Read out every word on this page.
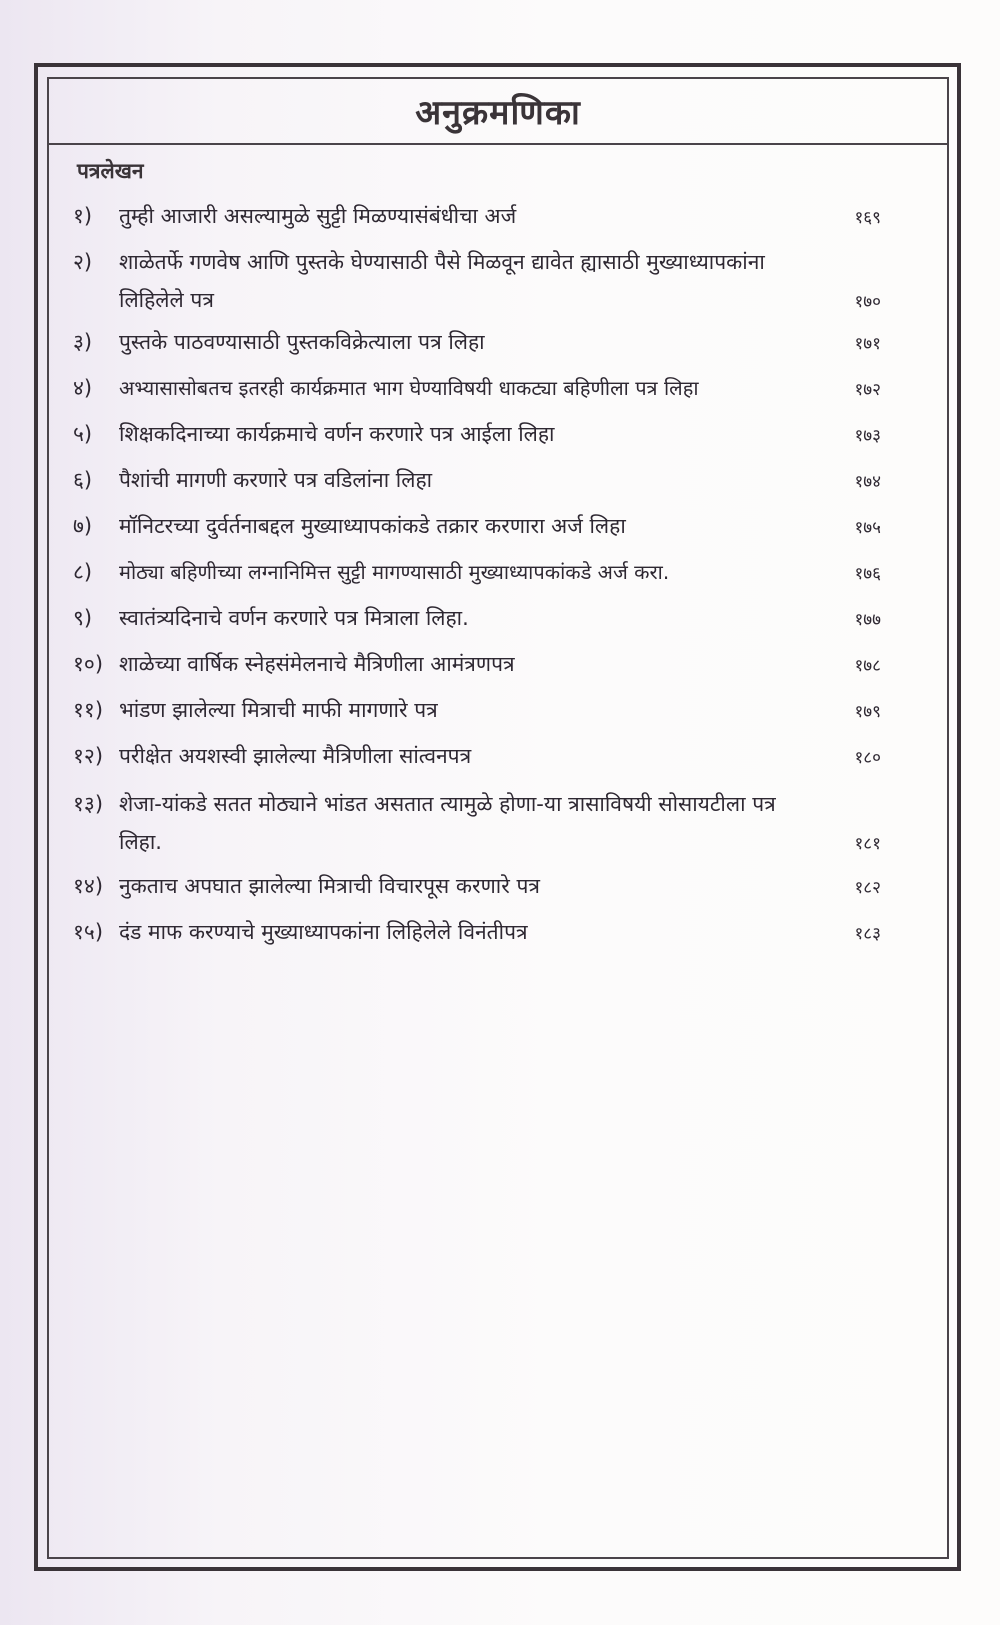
अनुक्रमणिका
पत्रलेखन
१)	तुम्ही आजारी असल्यामुळे सुट्टी मिळण्यासंबंधीचा अर्ज	१६९
२)	शाळेतर्फे गणवेष आणि पुस्तके घेण्यासाठी पैसे मिळवून द्यावेत ह्यासाठी मुख्याध्यापकांना लिहिलेले पत्र	१७०
३)	पुस्तके पाठवण्यासाठी पुस्तकविक्रेत्याला पत्र लिहा	१७१
४)	अभ्यासासोबतच इतरही कार्यक्रमात भाग घेण्याविषयी धाकट्या बहिणीला पत्र लिहा	१७२
५)	शिक्षकदिनाच्या कार्यक्रमाचे वर्णन करणारे पत्र आईला लिहा	१७३
६)	पैशांची मागणी करणारे पत्र वडिलांना लिहा	१७४
७)	मॉनिटरच्या दुर्वर्तनाबद्दल मुख्याध्यापकांकडे तक्रार करणारा अर्ज लिहा	१७५
८)	मोठ्या बहिणीच्या लग्नानिमित्त सुट्टी मागण्यासाठी मुख्याध्यापकांकडे अर्ज करा.	१७६
९)	स्वातंत्र्यदिनाचे वर्णन करणारे पत्र मित्राला लिहा.	१७७
१०) शाळेच्या वार्षिक स्नेहसंमेलनाचे मैत्रिणीला आमंत्रणपत्र	१७८
११) भांडण झालेल्या मित्राची माफी मागणारे पत्र	१७९
१२) परीक्षेत अयशस्वी झालेल्या मैत्रिणीला सांत्वनपत्र	१८०
१३) शेजा-यांकडे सतत मोठ्याने भांडत असतात त्यामुळे होणा-या त्रासाविषयी सोसायटीला पत्र लिहा.	१८१
१४) नुकताच अपघात झालेल्या मित्राची विचारपूस करणारे पत्र	१८२
१५) दंड माफ करण्याचे मुख्याध्यापकांना लिहिलेले विनंतीपत्र	१८३
